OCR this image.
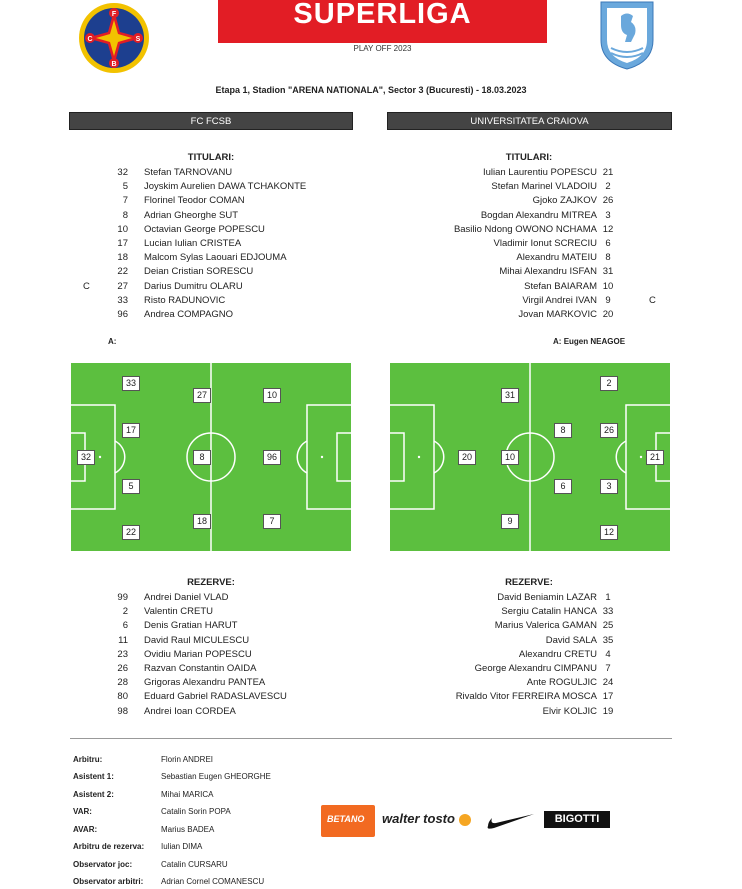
F
C	S
B
SUPERLIGA
PLAY OFF 2023
Etapa 1, Stadion "ARENA NATIONALA", Sector 3 (Bucuresti) - 18.03.2023
FC FCSB	UNIVERSITATEA CRAIOVA
TITULARI:	TITULARI:
32 Stefan TARNOVANU
5 Joyskim Aurelien DAWA TCHAKONTE
7 Florinel Teodor COMAN
8 Adrian Gheorghe SUT
10 Octavian George POPESCU
17 Lucian Iulian CRISTEA
18 Malcom Sylas Laouari EDJOUMA
22 Deian Cristian SORESCU
C	27 Darius Dumitru OLARU
33 Risto RADUNOVIC
96 Andrea COMPAGNO
Iulian Laurentiu POPESCU 21
Stefan Marinel VLADOIU 2
Gjoko ZAJKOV 26
Bogdan Alexandru MITREA 3
Basilio Ndong OWONO NCHAMA 12
Vladimir Ionut SCRECIU 6
Alexandru MATEIU 8
Mihai Alexandru ISFAN 31
Stefan BAIARAM 10
Virgil Andrei IVAN 9	C
Jovan MARKOVIC 20
A:	A: Eugen NEAGOE
32
33
17
5
22
27
8
18
10
96
7
2
31
8	26
20	10	21
6	3
9
12
REZERVE:	REZERVE:
99 Andrei Daniel VLAD
2 Valentin CRETU
6 Denis Gratian HARUT
11 David Raul MICULESCU
23 Ovidiu Marian POPESCU
26 Razvan Constantin OAIDA
28 Grigoras Alexandru PANTEA
80 Eduard Gabriel RADASLAVESCU
98 Andrei Ioan CORDEA
David Beniamin LAZAR 1
Sergiu Catalin HANCA 33
Marius Valerica GAMAN 25
David SALA 35
Alexandru CRETU 4
George Alexandru CIMPANU 7
Ante ROGULJIC 24
Rivaldo Vitor FERREIRA MOSCA 17
Elvir KOLJIC 19
Arbitru:	Florin ANDREI
Asistent 1:	Sebastian Eugen GHEORGHE
Asistent 2:	Mihai MARICA
VAR:	Catalin Sorin POPA
AVAR:	Marius BADEA
Arbitru de rezerva: Iulian DIMA
Observator joc:	Catalin CURSARU
Observator arbitri: Adrian Cornel COMANESCU
BETANO walter tosto	BIGOTTI
